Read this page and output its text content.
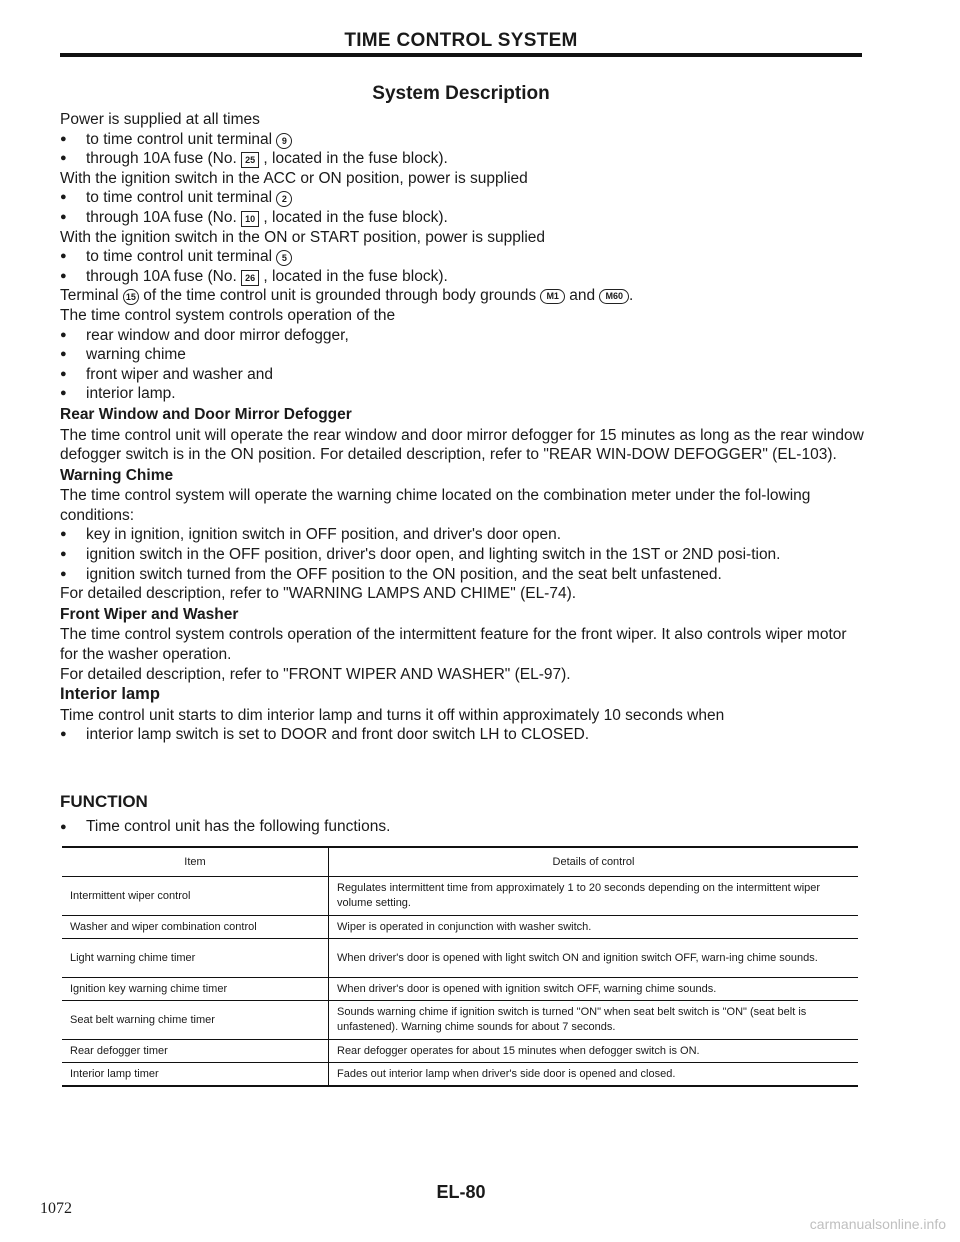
TIME CONTROL SYSTEM
System Description

Power is supplied at all times

●	to time control unit terminal 9
●	through 10A fuse (No. 25 , located in the fuse block).

With the ignition switch in the ACC or ON position, power is supplied

●	to time control unit terminal 2
●	through 10A fuse (No. 10 , located in the fuse block).

With the ignition switch in the ON or START position, power is supplied

●	to time control unit terminal 5
●	through 10A fuse (No. 26 , located in the fuse block).

Terminal 15 of the time control unit is grounded through body grounds M1 and M60 .

The time control system controls operation of the

●	rear window and door mirror defogger,
●	warning chime
●	front wiper and washer and
●	interior lamp.

Rear Window and Door Mirror Defogger

The time control unit will operate the rear window and door mirror defogger for 15 minutes as long as the rear window defogger switch is in the ON position. For detailed description, refer to "REAR WIN-DOW DEFOGGER" (EL-103).

Warning Chime

The time control system will operate the warning chime located on the combination meter under the fol-lowing conditions:

●	key in ignition, ignition switch in OFF position, and driver's door open.
●	ignition switch in the OFF position, driver's door open, and lighting switch in the 1ST or 2ND posi-tion.
●	ignition switch turned from the OFF position to the ON position, and the seat belt unfastened.

For detailed description, refer to "WARNING LAMPS AND CHIME" (EL-74).

Front Wiper and Washer

The time control system controls operation of the intermittent feature for the front wiper. It also controls wiper motor for the washer operation.

For detailed description, refer to "FRONT WIPER AND WASHER" (EL-97).

Interior lamp

Time control unit starts to dim interior lamp and turns it off within approximately 10 seconds when

●	interior lamp switch is set to DOOR and front door switch LH to CLOSED.
FUNCTION
●	Time control unit has the following functions.
Item	Details of control
Intermittent wiper control	Regulates intermittent time from approximately 1 to 20 seconds depending on the intermittent wiper volume setting.
Washer and wiper combination control	Wiper is operated in conjunction with washer switch.
Light warning chime timer	When driver's door is opened with light switch ON and ignition switch OFF, warn-ing chime sounds.
Ignition key warning chime timer	When driver's door is opened with ignition switch OFF, warning chime sounds.
Seat belt warning chime timer	Sounds warning chime if ignition switch is turned "ON" when seat belt switch is "ON" (seat belt is unfastened). Warning chime sounds for about 7 seconds.
Rear defogger timer	Rear defogger operates for about 15 minutes when defogger switch is ON.
Interior lamp timer	Fades out interior lamp when driver's side door is opened and closed.
EL-80
1072
carmanualsonline.info
